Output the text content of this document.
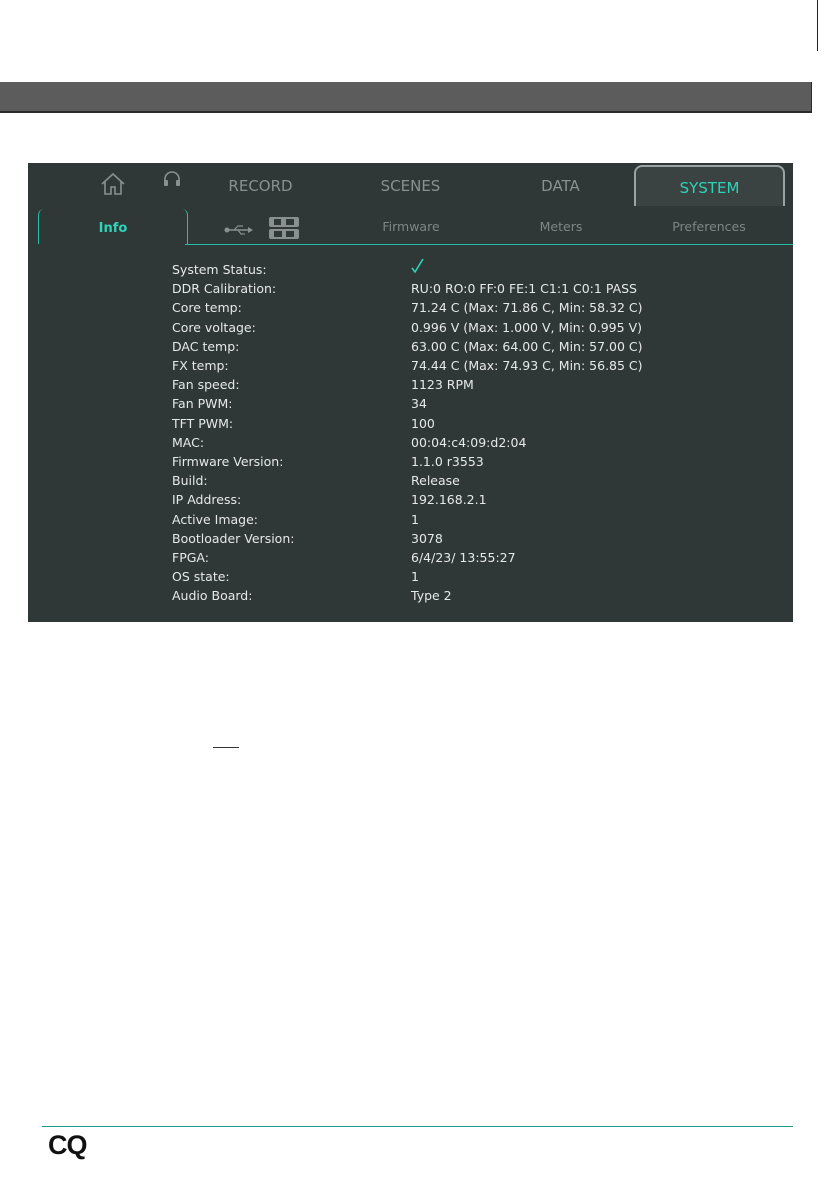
RECORD	SCENES	DATA	SYSTEM
Info	Firmware	Meters	Preferences
System Status:
DDR Calibration:	RU:0 RO:0 FF:0 FE:1 C1:1 C0:1 PASS
Core temp:	71.24 C (Max: 71.86 C, Min: 58.32 C)
Core voltage:	0.996 V (Max: 1.000 V, Min: 0.995 V)
DAC temp:	63.00 C (Max: 64.00 C, Min: 57.00 C)
FX temp:	74.44 C (Max: 74.93 C, Min: 56.85 C)
Fan speed:	1123 RPM
Fan PWM:	34
TFT PWM:	100
MAC:	00:04:c4:09:d2:04
Firmware Version:	1.1.0 r3553
Build:	Release
IP Address:	192.168.2.1
Active Image:	1
Bootloader Version:	3078
FPGA:	6/4/23/ 13:55:27
OS state:	1
Audio Board:	Type 2
CQ
